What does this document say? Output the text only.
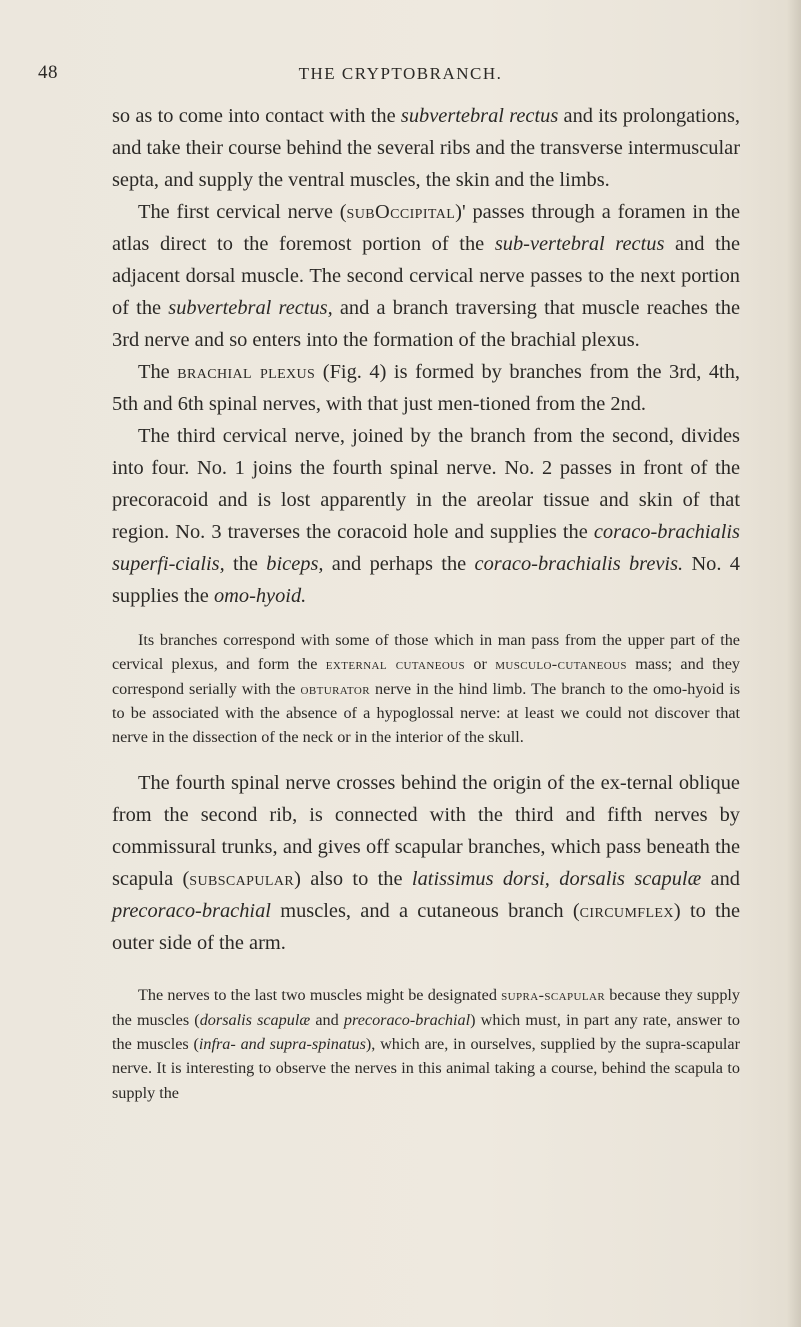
48	THE CRYPTOBRANCH.

so as to come into contact with the subvertebral rectus and its prolongations, and take their course behind the several ribs and the transverse intermuscular septa, and supply the ventral muscles, the skin and the limbs.

The first cervical nerve (subOccipital)' passes through a foramen in the atlas direct to the foremost portion of the sub-vertebral rectus and the adjacent dorsal muscle. The second cervical nerve passes to the next portion of the subvertebral rectus, and a branch traversing that muscle reaches the 3rd nerve and so enters into the formation of the brachial plexus.

The brachial plexus (Fig. 4) is formed by branches from the 3rd, 4th, 5th and 6th spinal nerves, with that just men-tioned from the 2nd.

The third cervical nerve, joined by the branch from the second, divides into four. No. 1 joins the fourth spinal nerve. No. 2 passes in front of the precoracoid and is lost apparently in the areolar tissue and skin of that region. No. 3 traverses the coracoid hole and supplies the coraco-brachialis superfi-cialis, the biceps, and perhaps the coraco-brachialis brevis. No. 4 supplies the omo-hyoid.

Its branches correspond with some of those which in man pass from the upper part of the cervical plexus, and form the external cutaneous or musculo-cutaneous mass; and they correspond serially with the obturator nerve in the hind limb. The branch to the omo-hyoid is to be associated with the absence of a hypoglossal nerve: at least we could not discover that nerve in the dissection of the neck or in the interior of the skull.

The fourth spinal nerve crosses behind the origin of the ex-ternal oblique from the second rib, is connected with the third and fifth nerves by commissural trunks, and gives off scapular branches, which pass beneath the scapula (subscapular) also to the latissimus dorsi, dorsalis scapulæ and precoraco-brachial muscles, and a cutaneous branch (circumflex) to the outer side of the arm.

The nerves to the last two muscles might be designated supra-scapular because they supply the muscles (dorsalis scapulæ and precoraco-brachial) which must, in part any rate, answer to the muscles (infra- and supra-spinatus), which are, in ourselves, supplied by the supra-scapular nerve. It is interesting to observe the nerves in this animal taking a course, behind the scapula to supply the
